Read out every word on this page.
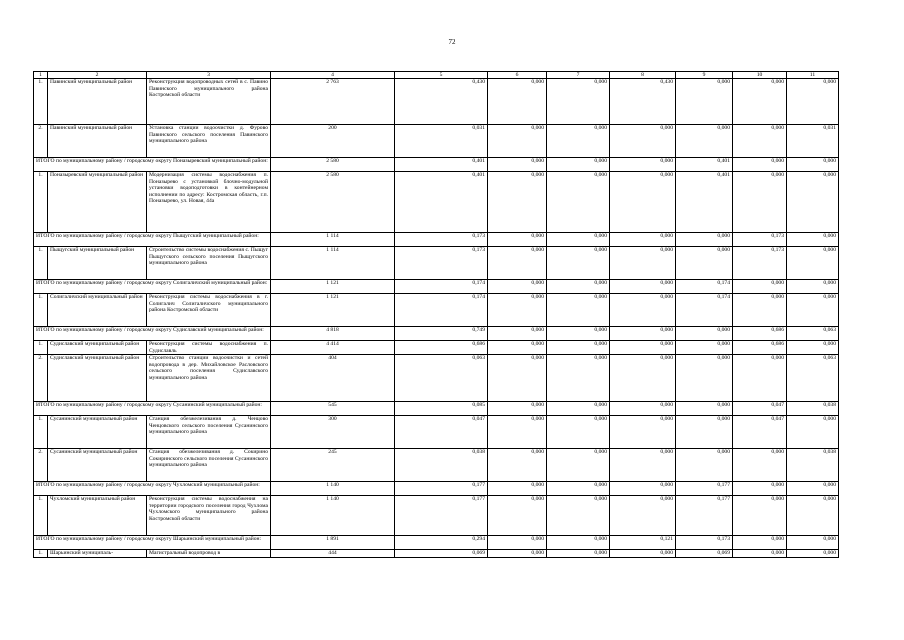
72
1	2	3	4	5	6	7	8	9	10	11
1.	Павинский муниципальный район	Реконструкция водопроводных сетей в с. Павино Павинского муниципального района Костромской области	2 763	0,430	0,000	0,000	0,430	0,000	0,000	0,000
2.	Павинский муниципальный район	Установка станции водоочистки д. Фурово Павинского сельского поселения Павинского муниципального района	200	0,031	0,000	0,000	0,000	0,000	0,000	0,031
ИТОГО по муниципальному району / городскому округу Поназыревский муниципальный район:			2 580	0,401	0,000	0,000	0,000	0,401	0,000	0,000
1.	Поназыревский муниципальный район	Модернизация системы водоснабжения п. Поназырево с установкой блочно-модульной установки водоподготовки в контейнерном исполнении по адресу: Костромская область, г.п. Поназырево, ул. Новая, 44а	2 580	0,401	0,000	0,000	0,000	0,401	0,000	0,000
ИТОГО по муниципальному району / городскому округу Пыщугский муниципальный район:			1 114	0,173	0,000	0,000	0,000	0,000	0,173	0,000
1.	Пыщугский муниципальный район	Строительство системы водоснабжения с. Пыщуг Пыщугского сельского поселения Пыщугского муниципального района	1 114	0,173	0,000	0,000	0,000	0,000	0,173	0,000
ИТОГО по муниципальному району / городскому округу Солигаличский муниципальный район:			1 121	0,174	0,000	0,000	0,000	0,174	0,000	0,000
1.	Солигаличский муниципальный район	Реконструкция системы водоснабжения в г. Солигалич Солигаличского муниципального района Костромской области	1 121	0,174	0,000	0,000	0,000	0,174	0,000	0,000
ИТОГО по муниципальному району / городскому округу Судиславский муниципальный район:			4 818	0,749	0,000	0,000	0,000	0,000	0,686	0,063
1.	Судиславский муниципальный район	Реконструкция системы водоснабжения п. Судиславль	4 414	0,686	0,000	0,000	0,000	0,000	0,686	0,000
2.	Судиславский муниципальный район	Строительство станции водоочистки и сетей водопровода в дер. Михайловское Расловского сельского поселения Судиславского муниципального района	404	0,063	0,000	0,000	0,000	0,000	0,000	0,063
ИТОГО по муниципальному району / городскому округу Сусанинский муниципальный район:			545	0,085	0,000	0,000	0,000	0,000	0,047	0,038
1.	Сусанинский муниципальный район	Станция обезжелезивания д. Ченцово Ченцовского сельского поселения Сусанинского муниципального района	300	0,047	0,000	0,000	0,000	0,000	0,047	0,000
2.	Сусанинский муниципальный район	Станция обезжелезивания д. Сокирино Сокиринского сельского поселения Сусанинского муниципального района	245	0,038	0,000	0,000	0,000	0,000	0,000	0,038
ИТОГО по муниципальному району / городскому округу Чухломский муниципальный район:			1 140	0,177	0,000	0,000	0,000	0,177	0,000	0,000
1.	Чухломский муниципальный район	Реконструкция системы водоснабжения на территории городского поселения город Чухлома Чухломского муниципального района Костромской области	1 140	0,177	0,000	0,000	0,000	0,177	0,000	0,000
ИТОГО по муниципальному району / городскому округу Шарьинский муниципальный район:			1 891	0,294	0,000	0,000	0,121	0,173	0,000	0,000
1.	Шарьинский муниципаль-	Магистральный водопровод в	444	0,069	0,000	0,000	0,000	0,069	0,000	0,000
